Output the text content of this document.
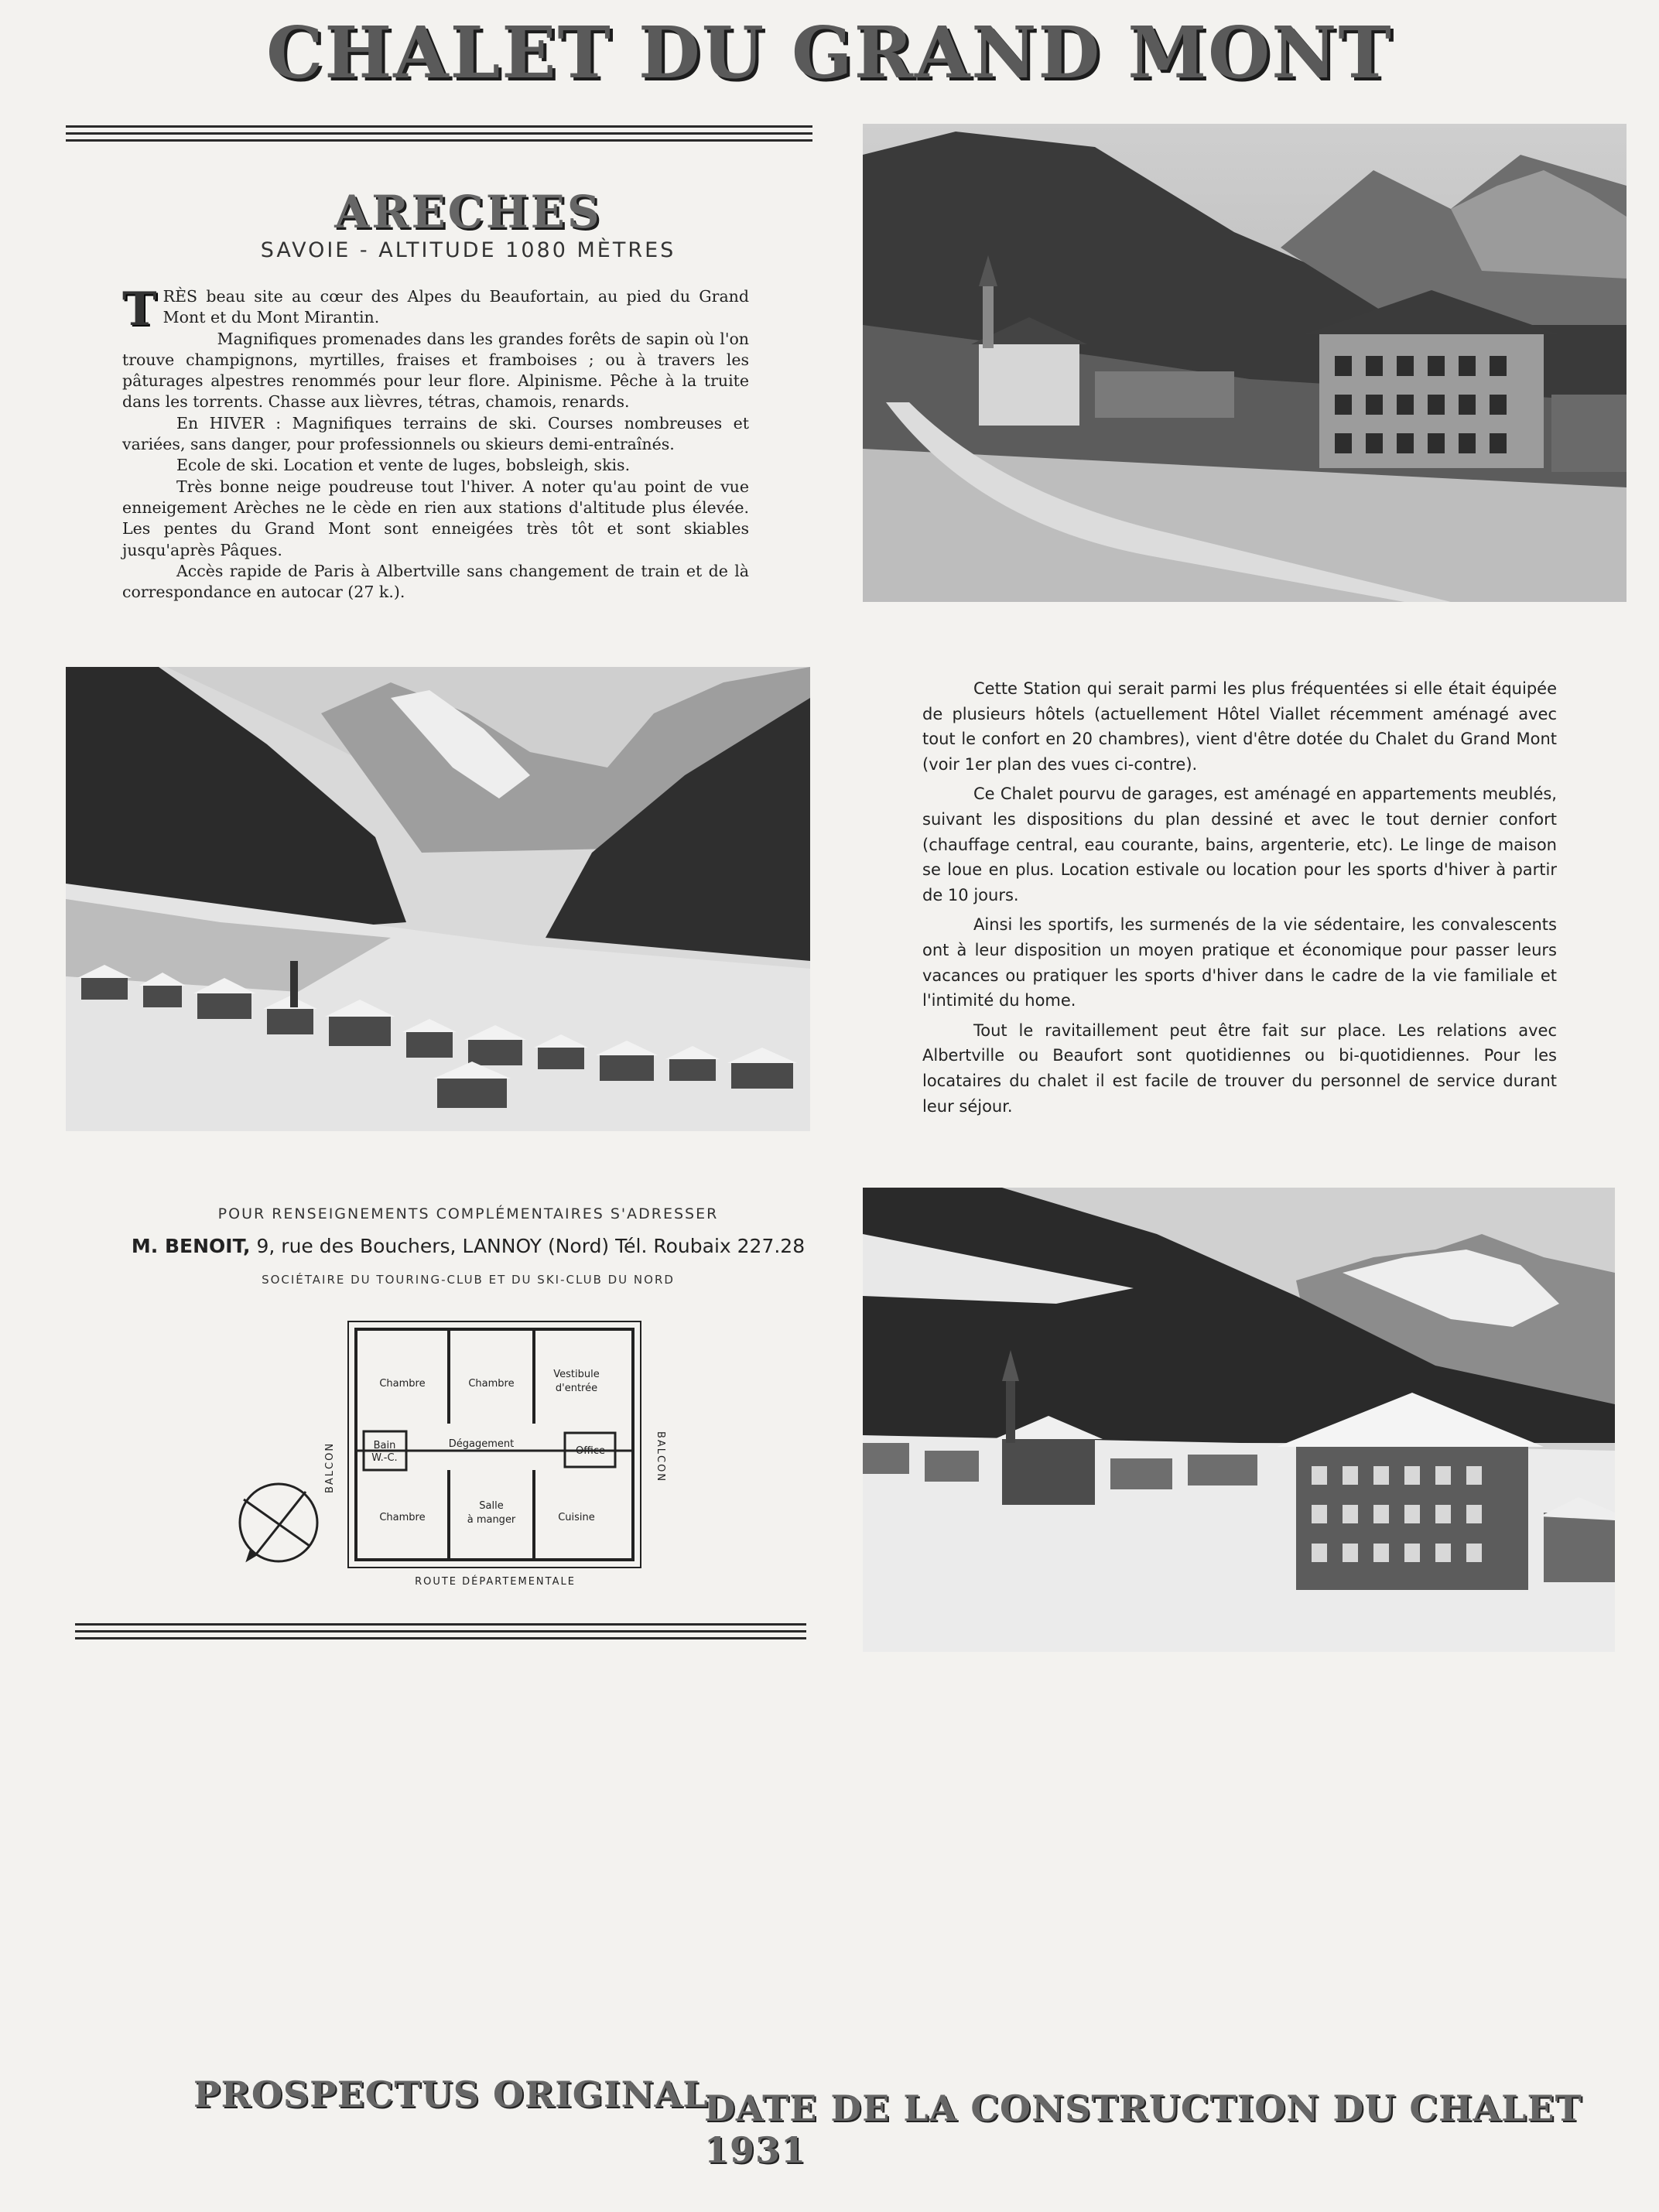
CHALET DU GRAND MONT
ARECHES
SAVOIE - ALTITUDE 1080 MÈTRES

TRÈS beau site au cœur des Alpes du Beaufortain, au pied du Grand Mont et du Mont Mirantin.

Magnifiques promenades dans les grandes forêts de sapin où l'on trouve champignons, myrtilles, fraises et framboises ; ou à travers les pâturages alpestres renommés pour leur flore. Alpinisme. Pêche à la truite dans les torrents. Chasse aux lièvres, tétras, chamois, renards.

En HIVER : Magnifiques terrains de ski. Courses nombreuses et variées, sans danger, pour professionnels ou skieurs demi-entraînés.

Ecole de ski. Location et vente de luges, bobsleigh, skis.

Très bonne neige poudreuse tout l'hiver. A noter qu'au point de vue enneigement Arèches ne le cède en rien aux stations d'altitude plus élevée. Les pentes du Grand Mont sont enneigées très tôt et sont skiables jusqu'après Pâques.

Accès rapide de Paris à Albertville sans changement de train et de là correspondance en autocar (27 k.).

Cette Station qui serait parmi les plus fréquentées si elle était équipée de plusieurs hôtels (actuellement Hôtel Viallet récemment aménagé avec tout le confort en 20 chambres), vient d'être dotée du Chalet du Grand Mont (voir 1er plan des vues ci-contre).

Ce Chalet pourvu de garages, est aménagé en appartements meublés, suivant les dispositions du plan dessiné et avec le tout dernier confort (chauffage central, eau courante, bains, argenterie, etc). Le linge de maison se loue en plus. Location estivale ou location pour les sports d'hiver à partir de 10 jours.

Ainsi les sportifs, les surmenés de la vie sédentaire, les convalescents ont à leur disposition un moyen pratique et économique pour passer leurs vacances ou pratiquer les sports d'hiver dans le cadre de la vie familiale et l'intimité du home.

Tout le ravitaillement peut être fait sur place. Les relations avec Albertville ou Beaufort sont quotidiennes ou bi-quotidiennes. Pour les locataires du chalet il est facile de trouver du personnel de service durant leur séjour.

POUR RENSEIGNEMENTS COMPLÉMENTAIRES S'ADRESSER
M. BENOIT, 9, rue des Bouchers, LANNOY (Nord) Tél. Roubaix 227.28
SOCIÉTAIRE DU TOURING-CLUB ET DU SKI-CLUB DU NORD
Chambre	Chambre
Vestibule
d'entrée
Bain
W.-C.
Dégagement
Office
Chambre
Salle
à manger	Cuisine
BALCON	BALCON
ROUTE DÉPARTEMENTALE
PROSPECTUS ORIGINAL
DATE DE LA CONSTRUCTION DU CHALET 1931
